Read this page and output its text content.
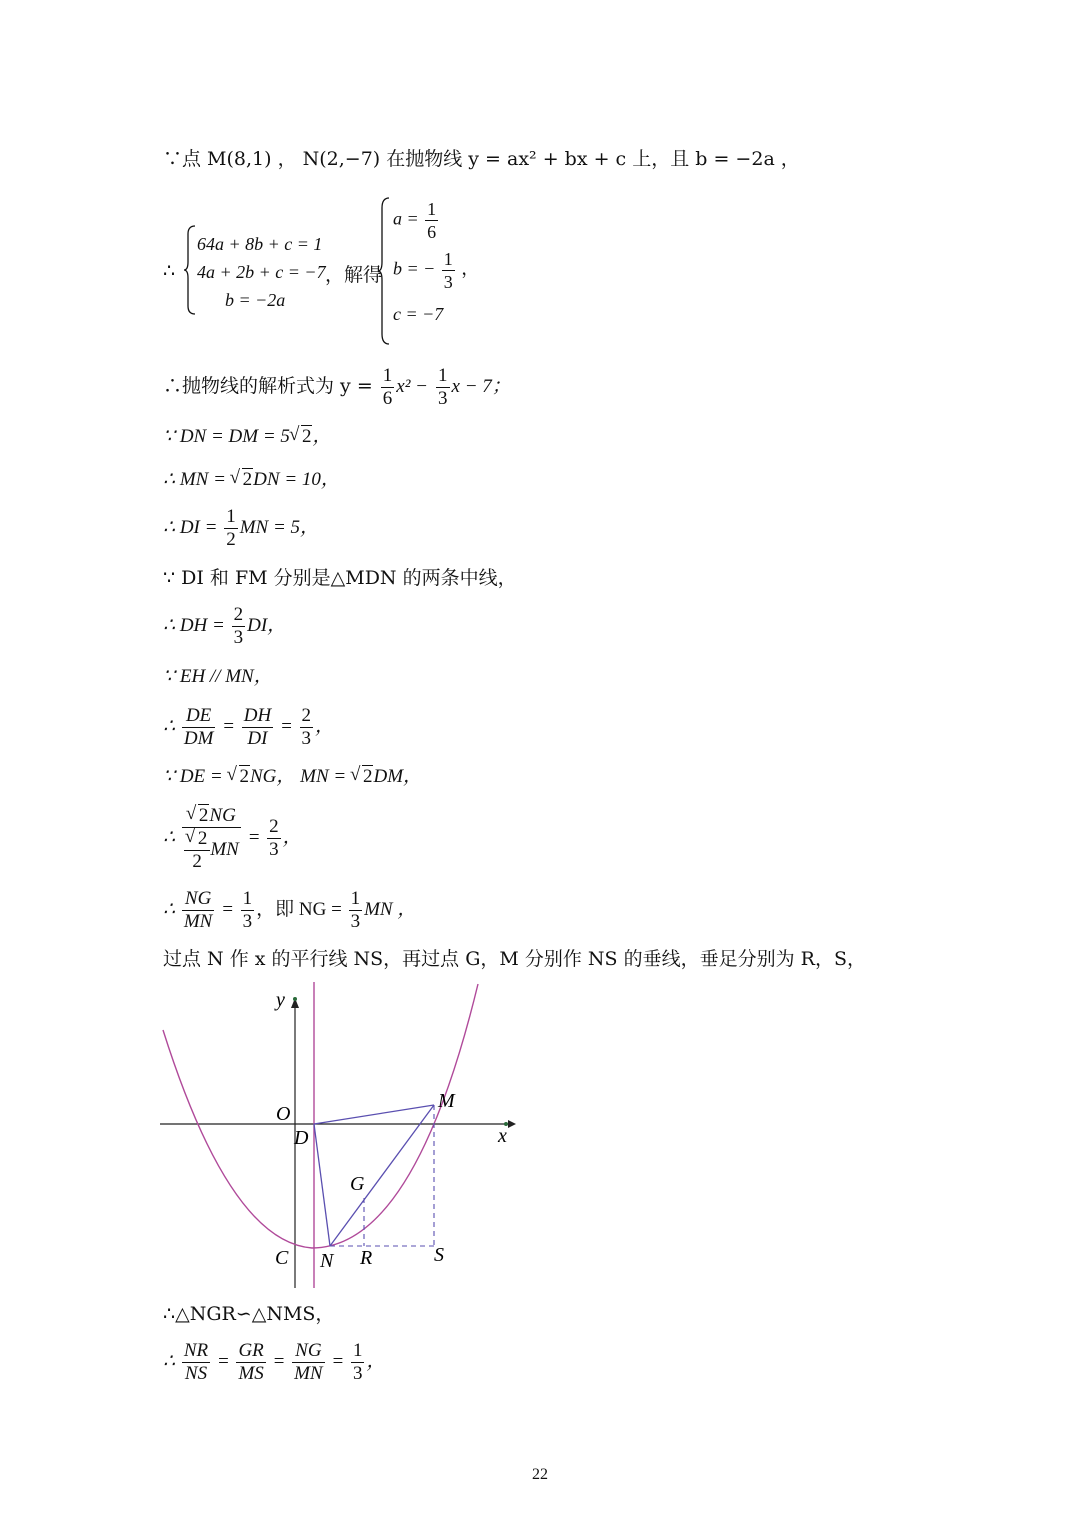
∵点 M(8,1) ， N(2,−7) 在抛物线 y = ax² + bx + c 上，且 b = −2a ，
∴
64a + 8b + c = 1
4a + 2b + c = −7
b = −2a
，解得
$a = \frac{1}{6}$
b = − $\frac{1}{3}$ ，
c = −7
∴抛物线的解析式为 $y = \frac{1}{6} x^2 - \frac{1}{3}$ x − 7；
∵ DN = DM = 5 √ 2，
∴ MN = √ 2DN = 10，
∴ DI = $\frac{1}{2}$ MN = 5，
∵ DI 和 FM 分别是△MDN 的两条中线，
∴ DH = $\frac{2}{3}$ DI，
∵ EH // MN，
∴ $\frac{DE}{DM} = \frac{DH}{DI} = \frac{2}{3}$ ，
∵ DE = √ 2NG， MN = √ 2DM，
∴ √ 2NG
√ $\frac{2}{2}$ MN = $\frac{2}{3}$ ，
∴ $\frac{NG}{MN} = \frac{1}{3}$ ，即 NG = $\frac{1}{3}$ MN ，
过点 N 作 x 的平行线 NS，再过点 G，M 分别作 NS 的垂线，垂足分别为 R，S，
y
x
O
D
M
G
C N R	S
∴△NGR∽△NMS，
∴ $\frac{NR}{NS} = \frac{GR}{MS} = \frac{NG}{MN} = \frac{1}{3}$ ，
22
